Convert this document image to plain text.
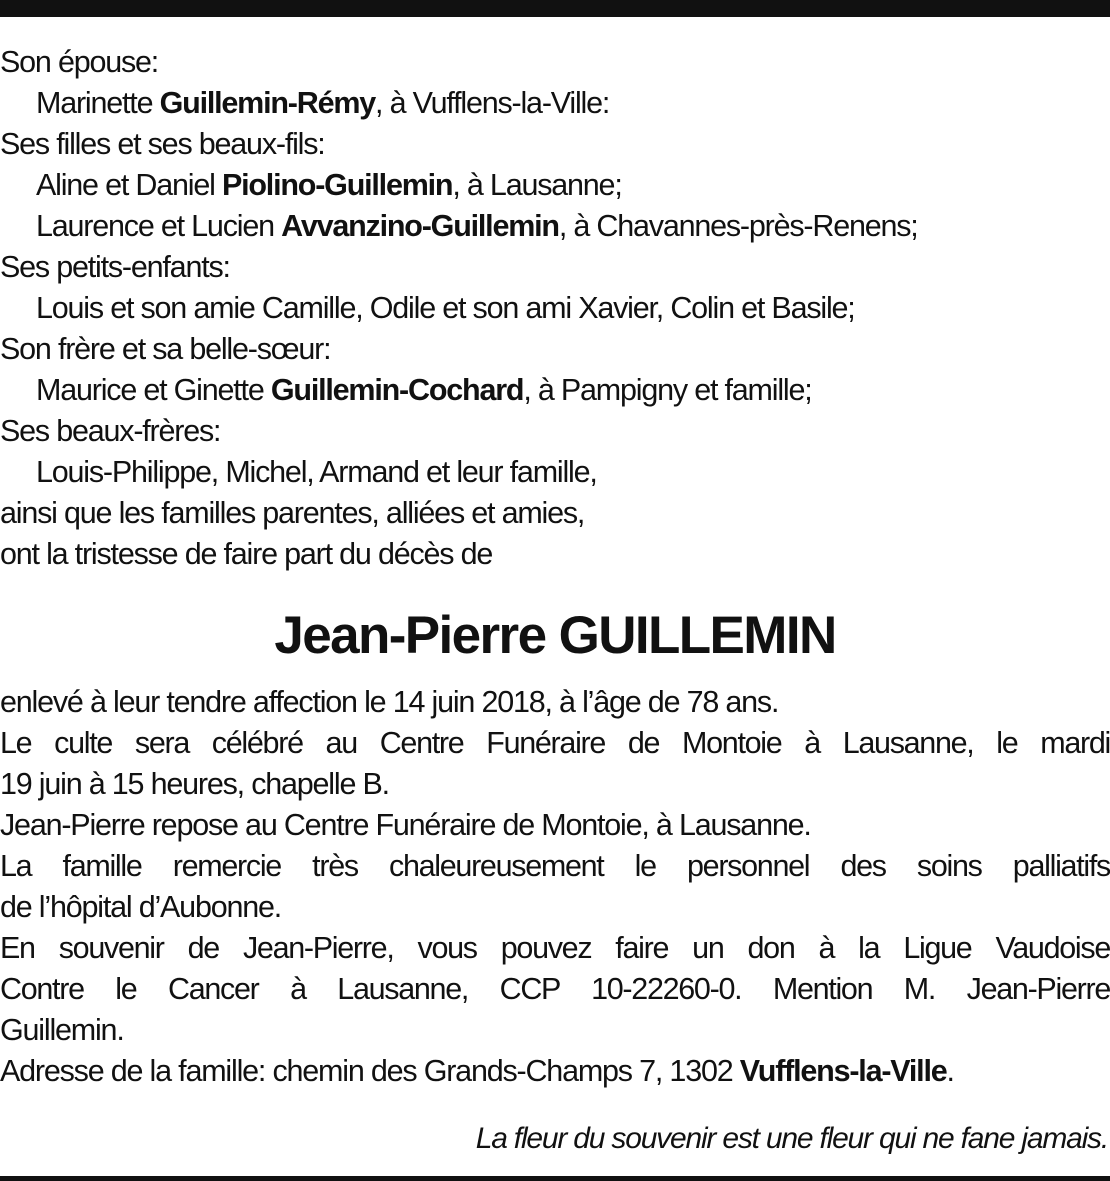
Son épouse:
Marinette Guillemin-Rémy, à Vufflens-la-Ville:
Ses filles et ses beaux-fils:
Aline et Daniel Piolino-Guillemin, à Lausanne;
Laurence et Lucien Avvanzino-Guillemin, à Chavannes-près-Renens;
Ses petits-enfants:
Louis et son amie Camille, Odile et son ami Xavier, Colin et Basile;
Son frère et sa belle-sœur:
Maurice et Ginette Guillemin-Cochard, à Pampigny et famille;
Ses beaux-frères:
Louis-Philippe, Michel, Armand et leur famille,
ainsi que les familles parentes, alliées et amies,
ont la tristesse de faire part du décès de
Jean-Pierre GUILLEMIN
enlevé à leur tendre affection le 14 juin 2018, à l’âge de 78 ans.
Le culte sera célébré au Centre Funéraire de Montoie à Lausanne, le mardi
19 juin à 15 heures, chapelle B.
Jean-Pierre repose au Centre Funéraire de Montoie, à Lausanne.
La famille remercie très chaleureusement le personnel des soins palliatifs
de l’hôpital d’Aubonne.
En souvenir de Jean-Pierre, vous pouvez faire un don à la Ligue Vaudoise
Contre le Cancer à Lausanne, CCP 10-22260-0. Mention M. Jean-Pierre
Guillemin.
Adresse de la famille: chemin des Grands-Champs 7, 1302 Vufflens-la-Ville.
La fleur du souvenir est une fleur qui ne fane jamais.
